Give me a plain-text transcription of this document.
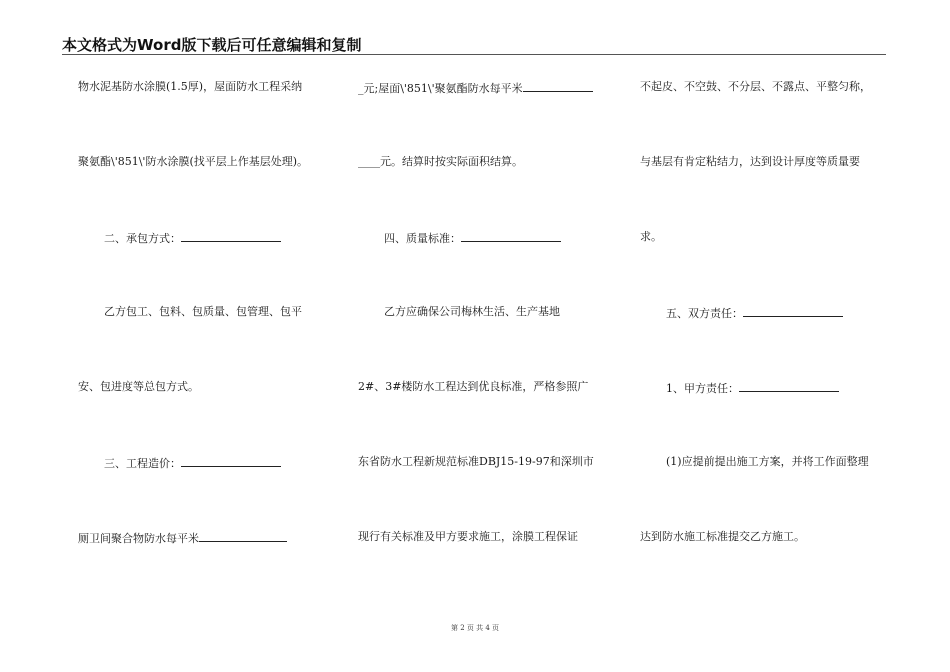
本文格式为Word版下载后可任意编辑和复制
物水泥基防水涂膜(1.5厚)，屋面防水工程采纳
聚氨酯\'851\'防水涂膜(找平层上作基层处理)。
二、承包方式：
乙方包工、包料、包质量、包管理、包平
安、包进度等总包方式。
三、工程造价：
厕卫间聚合物防水每平米
_元;屋面\'851\'聚氨酯防水每平米
____元。结算时按实际面积结算。
四、质量标准：
乙方应确保公司梅林生活、生产基地
2#、3#楼防水工程达到优良标准，严格参照广
东省防水工程新规范标准DBJ15-19-97和深圳市
现行有关标准及甲方要求施工，涂膜工程保证
不起皮、不空鼓、不分层、不露点、平整匀称，
与基层有肯定粘结力，达到设计厚度等质量要
求。
五、双方责任：
1、甲方责任：
(1)应提前提出施工方案，并将工作面整理
达到防水施工标准提交乙方施工。
第 2 页 共 4 页
